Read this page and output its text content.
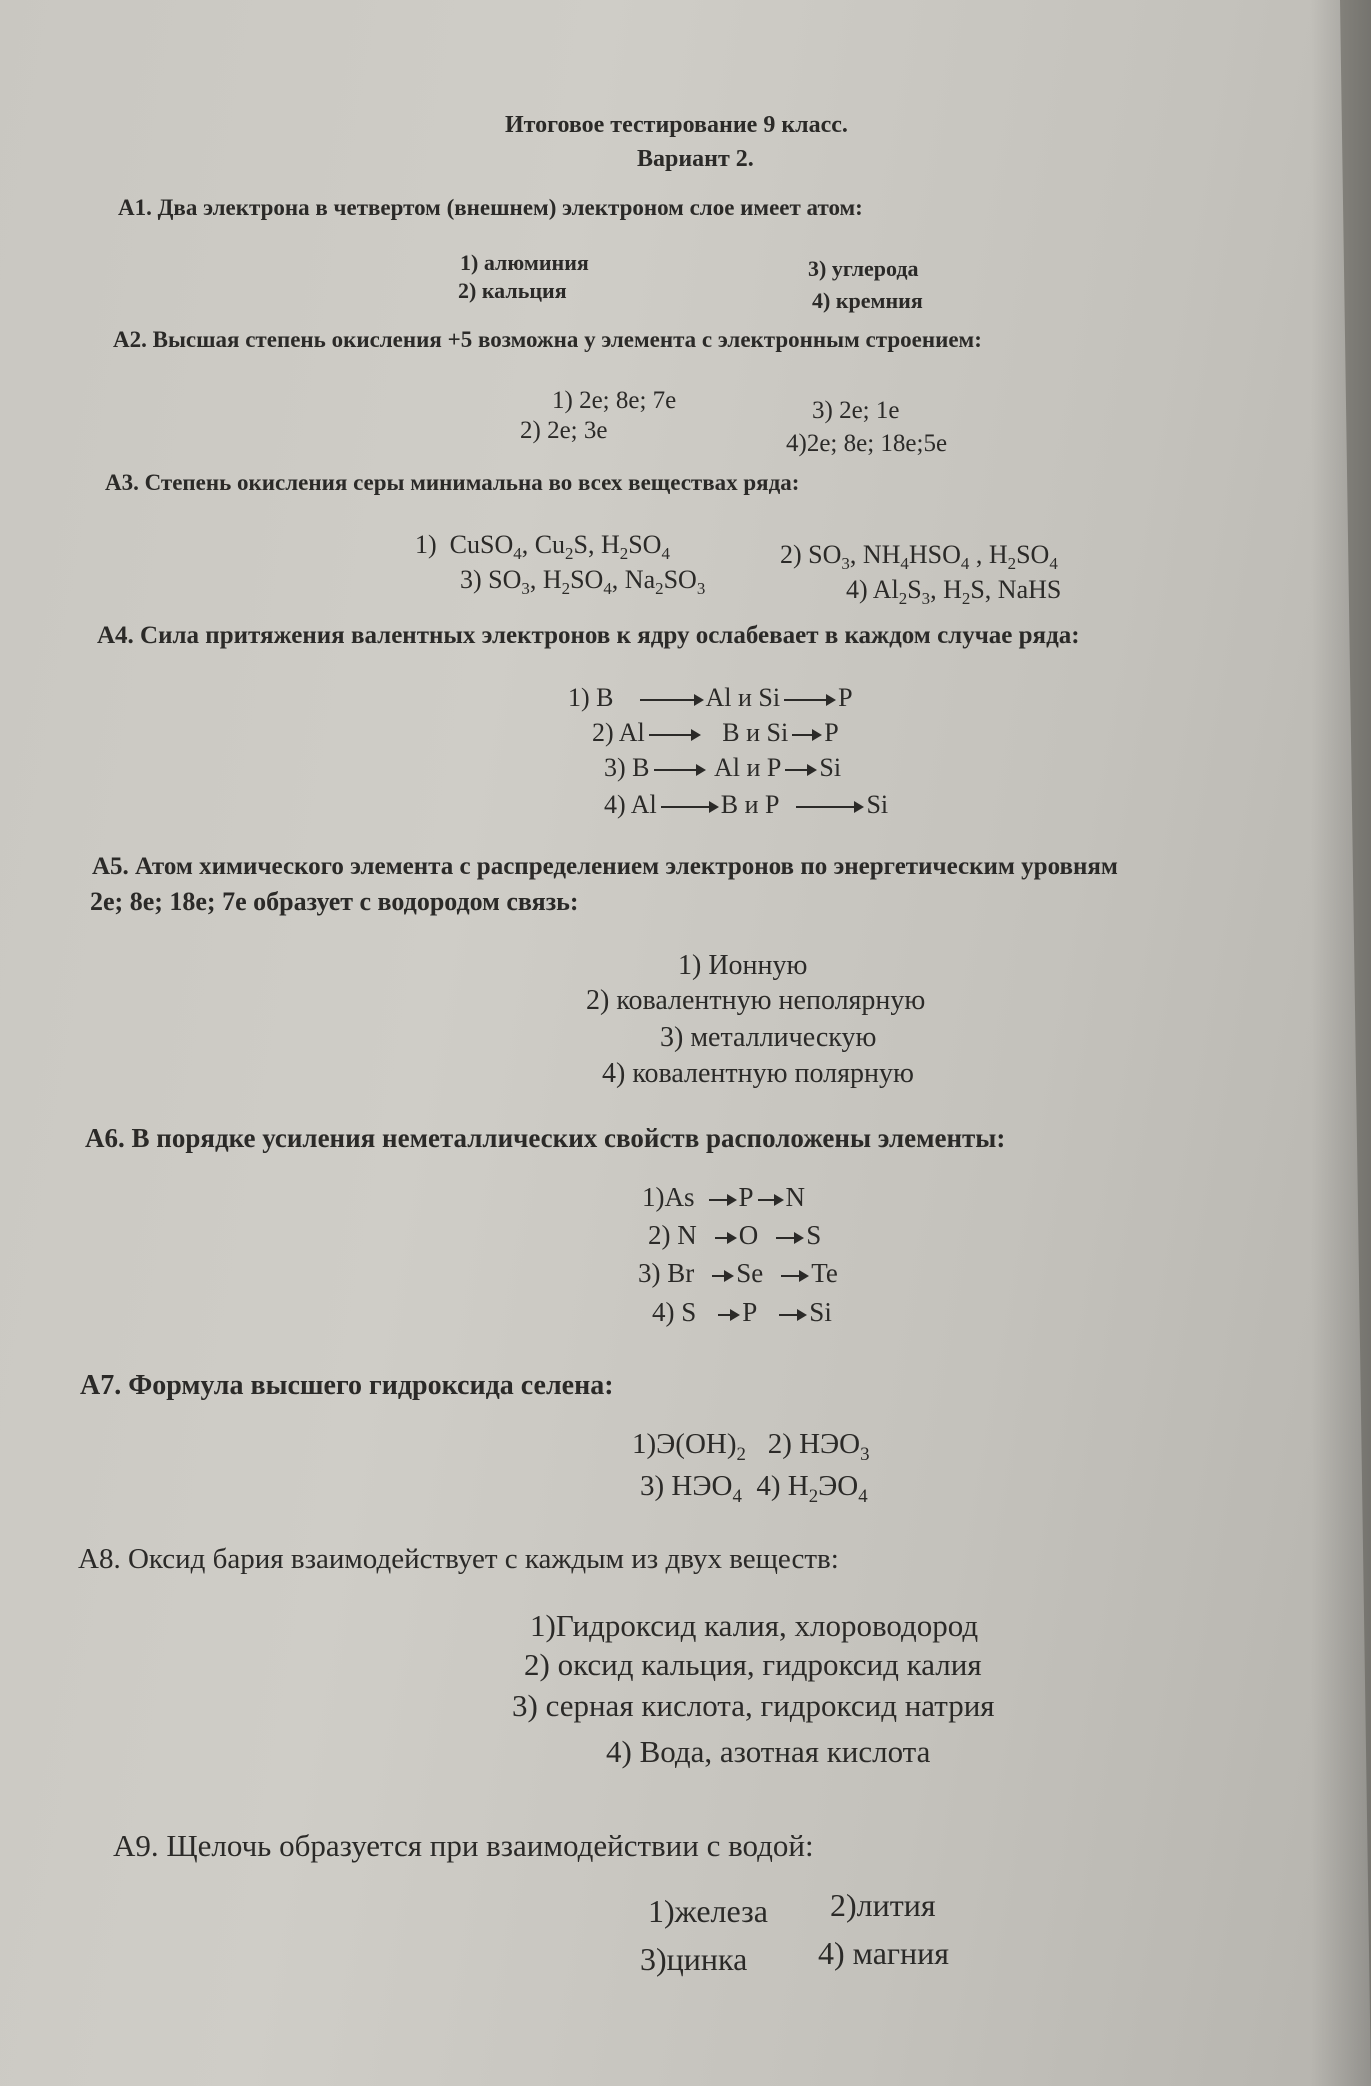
Итоговое тестирование 9 класс.
Вариант 2.
А1. Два электрона в четвертом (внешнем) электроном слое имеет атом:
1) алюминия
2) кальция
3) углерода
4) кремния
А2. Высшая степень окисления +5 возможна у элемента с электронным строением:
1) 2е; 8е; 7е
2) 2е; 3е
3) 2е; 1е
4)2е; 8е; 18е;5е
А3. Степень окисления серы минимальна во всех веществах ряда:
1) CuSO$_4$, $Cu_2S$, $H_2SO_4$	2) $SO_3$, $NH_4HSO_4$ , $H_2SO_4$
3) $SO_3$, $H_2SO_4$, $Na_2SO_3$	4) $Al_2S_3$, $H_2S$, NaHS
А4. Сила притяжения валентных электронов к ядру ослабевает в каждом случае ряда:
1) B	Al и Si P
2) Al	B и Si P
3) B Al и P Si
4) Al B и P	Si
А5. Атом химического элемента с распределением электронов по энергетическим уровням
2е; 8е; 18е; 7е образует с водородом связь:
1) Ионную
2) ковалентную неполярную
3) металлическую
4) ковалентную полярную
А6. В порядке усиления неметаллических свойств расположены элементы:
1)As P N
2) N O S
3) Br Se Te
4) S P Si
А7. Формула высшего гидроксида селена:
$1)Э(OH)_2$ 2) $HЭO_3$
3) $HЭO_4$ 4) $H_2ЭO_4$
А8. Оксид бария взаимодействует с каждым из двух веществ:
1)Гидроксид калия, хлороводород
2) оксид кальция, гидроксид калия
3) серная кислота, гидроксид натрия
4) Вода, азотная кислота
А9. Щелочь образуется при взаимодействии с водой:
1)железа 2)лития
3)цинка 4) магния
